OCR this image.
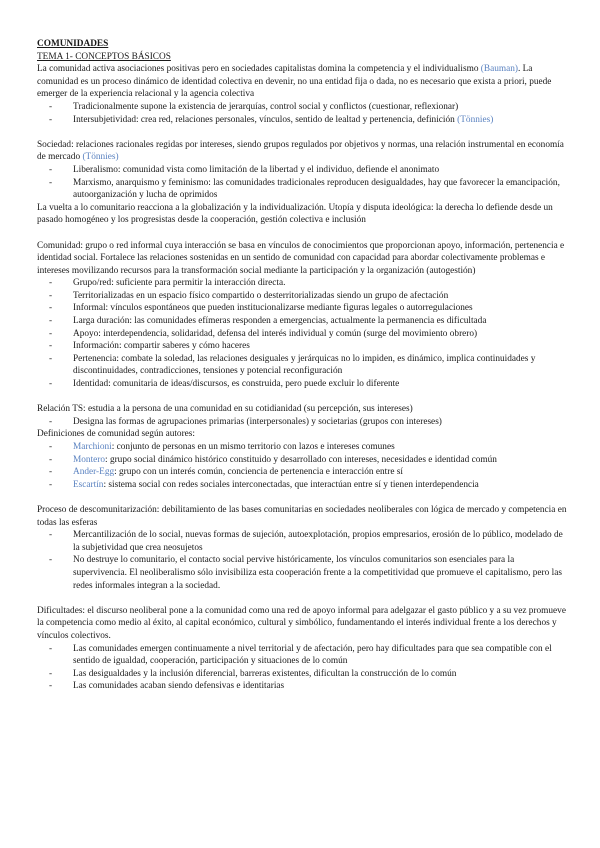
COMUNIDADES
TEMA 1- CONCEPTOS BÁSICOS

La comunidad activa asociaciones positivas pero en sociedades capitalistas domina la competencia y el individualismo (Bauman). La comunidad es un proceso dinámico de identidad colectiva en devenir, no una entidad fija o dada, no es necesario que exista a priori, puede emerger de la experiencia relacional y la agencia colectiva

- Tradicionalmente supone la existencia de jerarquías, control social y conflictos (cuestionar, reflexionar)
- Intersubjetividad: crea red, relaciones personales, vínculos, sentido de lealtad y pertenencia, definición (Tönnies)

Sociedad: relaciones racionales regidas por intereses, siendo grupos regulados por objetivos y normas, una relación instrumental en economía de mercado (Tönnies)

- Liberalismo: comunidad vista como limitación de la libertad y el individuo, defiende el anonimato
- Marxismo, anarquismo y feminismo: las comunidades tradicionales reproducen desigualdades, hay que favorecer la emancipación, autoorganización y lucha de oprimidos

La vuelta a lo comunitario reacciona a la globalización y la individualización. Utopía y disputa ideológica: la derecha lo defiende desde un pasado homogéneo y los progresistas desde la cooperación, gestión colectiva e inclusión

Comunidad: grupo o red informal cuya interacción se basa en vínculos de conocimientos que proporcionan apoyo, información, pertenencia e identidad social. Fortalece las relaciones sostenidas en un sentido de comunidad con capacidad para abordar colectivamente problemas e intereses movilizando recursos para la transformación social mediante la participación y la organización (autogestión)

- Grupo/red: suficiente para permitir la interacción directa.
- Territorializadas en un espacio físico compartido o desterritorializadas siendo un grupo de afectación
- Informal: vínculos espontáneos que pueden institucionalizarse mediante figuras legales o autorregulaciones
- Larga duración: las comunidades efímeras responden a emergencias, actualmente la permanencia es dificultada
- Apoyo: interdependencia, solidaridad, defensa del interés individual y común (surge del movimiento obrero)
- Información: compartir saberes y cómo haceres
- Pertenencia: combate la soledad, las relaciones desiguales y jerárquicas no lo impiden, es dinámico, implica continuidades y discontinuidades, contradicciones, tensiones y potencial reconfiguración
- Identidad: comunitaria de ideas/discursos, es construida, pero puede excluir lo diferente

Relación TS: estudia a la persona de una comunidad en su cotidianidad (su percepción, sus intereses)

- Designa las formas de agrupaciones primarias (interpersonales) y societarias (grupos con intereses)

Definiciones de comunidad según autores:

- Marchioni: conjunto de personas en un mismo territorio con lazos e intereses comunes
- Montero: grupo social dinámico histórico constituido y desarrollado con intereses, necesidades e identidad común
- Ander-Egg: grupo con un interés común, conciencia de pertenencia e interacción entre sí
- Escartín: sistema social con redes sociales interconectadas, que interactúan entre sí y tienen interdependencia

Proceso de descomunitarización: debilitamiento de las bases comunitarias en sociedades neoliberales con lógica de mercado y competencia en todas las esferas

- Mercantilización de lo social, nuevas formas de sujeción, autoexplotación, propios empresarios, erosión de lo público, modelado de la subjetividad que crea neosujetos
- No destruye lo comunitario, el contacto social pervive históricamente, los vínculos comunitarios son esenciales para la supervivencia. El neoliberalismo sólo invisibiliza esta cooperación frente a la competitividad que promueve el capitalismo, pero las redes informales integran a la sociedad.

Dificultades: el discurso neoliberal pone a la comunidad como una red de apoyo informal para adelgazar el gasto público y a su vez promueve la competencia como medio al éxito, al capital económico, cultural y simbólico, fundamentando el interés individual frente a los derechos y vínculos colectivos.

- Las comunidades emergen continuamente a nivel territorial y de afectación, pero hay dificultades para que sea compatible con el sentido de igualdad, cooperación, participación y situaciones de lo común
- Las desigualdades y la inclusión diferencial, barreras existentes, dificultan la construcción de lo común
- Las comunidades acaban siendo defensivas e identitarias
